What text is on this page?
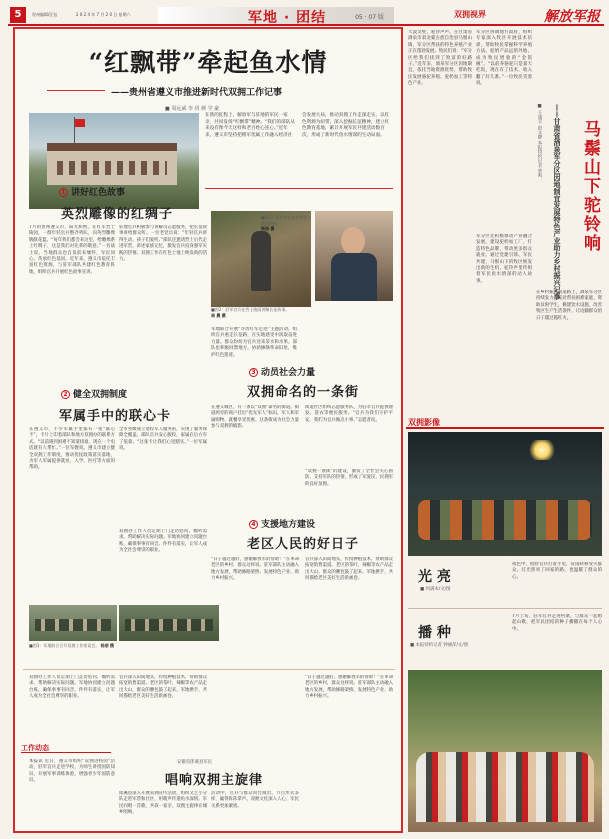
5	贵州编辑/汪钰	2 0 2 4 年 7 月 2 0 日 星期六	军地 · 团结	05 · 07 版	双拥视界	解放军报
“红飘带”牵起鱼水情
——贵州省遵义市推进新时代双拥工作记事
■ 周远威 李 玥 颜 学 豪
在新的征程上，解放军与驻地的军民一家亲，共同发扬“红飘带”精神。“我们的部队从来没有像今天这样和老百姓心连心。”近年来，遵义市坚持把拥军优属工作融入经济社会发展大局，推动双拥工作走深走实。以红色资源为纽带，深入挖掘长征精神，建立红色教育基地，累计开展军民共建活动数百次，形成了新时代鱼水情深的生动局面。
1 讲好红色故事
英烈雕像的红绸子
7月的贵州遵义市，阳光和煦。在红军烈士陵园，一群年轻官兵整齐列队，向英烈雕像敬献花篮。“每年我们都会来这里，给雕像系上红绸子，这是我们对先辈的敬意。”一名战士说。当地群众也自发前来缅怀，军民同心，传承红色基因。近年来，遵义市依托丰富红色资源，与驻军部队共建红色教育阵地，组织官兵开展红色故事宣讲。
驻地官兵积极参与讲解员志愿服务，把长征故事讲给群众听。一位老党员说：“年轻官兵讲得生动，孩子们爱听。”部队还邀请烈士后代走进军营，讲述家族记忆，激发官兵投身强军实践的热情。双拥工作在红色土地上焕发新的活力。
■图1：驻军官兵在红军烈士陵园植树。
杨朋 摄
■图2：驻军官兵在烈士陵园讲解长征故事。
周 晨 摄
军地联合开展“寻访红军足迹”主题活动，组织官兵重走长征路，在实地感受中汲取奋进力量。群众纷纷为官兵送来茶水和水果。部队也积极回馈地方，协助修缮革命旧址，维护红色遗迹。
3 动员社会力量
双拥命名的一条街
在遵义城区，有一条以“双拥”命名的街道。街道两旁的商户挂出“优先军人”标识，军人和军属购物、就餐享受优惠。这条街成为社会力量参与双拥的缩影。
街道社区组织志愿服务队，为驻军官兵提供理发、洗衣等便民服务。“官兵为我们守护平安，我们为官兵做点小事。”志愿者说。
“双拥一条街”的建设，激发了全社会关心国防、支持军队的热情，形成了军爱民、民拥军的良好氛围。
2 健全双拥制度
军属手中的联心卡
在遵义市，不少军属手里都有一张“联心卡”。卡片上印着部队和地方双拥办的联系方式。“以前遇到困难不知道找谁，现在一个电话就有人帮忙。”一位军嫂说。遵义市建立健全双拥工作制度，推动优抚政策落实落地，为军人军属提供就业、入学、医疗等方面的帮助。
全市各级成立退役军人服务站，实现了服务保障全覆盖。部队官兵安心服役，家属在后方有了依靠。“这张卡让我们心里踏实。”一位军属说。
双拥办工作人员定期上门走访慰问，倾听需求，帮助解决实际问题。军地协同建立问题台账，确保事事有回音、件件有落实，让军人成为全社会尊崇的职业。
■图3：军地联合召开双拥工作座谈会。 杨朋 摄
4 支援地方建设
老区人民的好日子
“日子越过越好，感谢解放军的帮助！”在革命老区的乡村，群众这样说。驻军部队主动融入地方发展，帮助修路架桥、发展特色产业，助力乡村振兴。
官兵深入田间地头，传授种植技术，帮助群众拓宽销售渠道。老区的茶叶、辣椒等农产品走出大山，群众的腰包鼓了起来。军地携手，共同描绘老区美好生活新画卷。
双拥办工作人员定期上门走访慰问，倾听需求，帮助解决实际问题。军地协同建立问题台账，确保事事有回音、件件有落实，让军人成为全社会尊崇的职业。
工作动态
本报讯 近日，遵义市组织“双拥进校园”活动，驻军官兵走进学校，为师生讲授国防知识，开展军事训练体验，增强青少年国防意识。
官兵深入田间地头，传授种植技术，帮助群众拓宽销售渠道。老区的茶叶、辣椒等农产品走出大山，群众的腰包鼓了起来。军地携手，共同描绘老区美好生活新画卷。
安徽省郎溪县军民
唱响双拥主旋律
郎溪县深入开展双拥宣传活动，组织文艺小分队走进军营和社区，用歌声传递鱼水深情。军民同唱一首歌，共叙一家亲，双拥主旋律在城乡唱响。
活动中，官兵与群众同台演出，节目形式多样，赢得阵阵掌声。双拥文化深入人心，军民关系更加紧密。
“日子越过越好，感谢解放军的帮助！”在革命老区的乡村，群众这样说。驻军部队主动融入地方发展，帮助修路架桥、发展特色产业，助力乡村振兴。
马鬃山下驼铃响
——甘肃省酒泉军分区因地制宜发展特色产业助力乡村振兴记事
■ 王康平 赵文静 本报特约记者 曾鸣
大漠戈壁，驼铃声声。在甘肃省酒泉市肃北蒙古族自治县马鬃山镇，军分区帮扶的特色养殖产业正在蓬勃发展。牧民们说：“军分区给我们找到了致富的好路子。”近年来，酒泉军分区因地制宜，依托当地资源优势，帮助牧民发展骆驼养殖、驼奶加工等特色产业。
军分区协调地方政府，组织专家深入牧区开展技术培训，帮助牧民掌握科学养殖方法。驼奶产品远销外地，成为牧民增收的“金饭碗”。“以前养骆驼只是靠天吃饭，现在有了技术，收入翻了好几番。”一位牧民笑着说。
军分区还积极推动产业融合发展，建设驼奶加工厂，打造特色品牌，带动更多群众就业。通过党建引领、军民共建，马鬃山下的牧区焕发出新的生机，驼铃声里传唱着军民鱼水情深的动人故事。
在乡村振兴的道路上，酒泉军分区持续发力，结对帮扶困难家庭，资助贫困学生，修建饮水设施，改善牧区生产生活条件，让边疆群众的日子越过越红火。
双拥影像
光 亮
■ 何满本/文/图
夜色中，抢险官兵打着手电，冒雨转移受灾群众。灯光照亮了回家的路，也温暖了群众的心。
播 种
■ 本报特约记者 钟丽萍/文/图
7月上旬，驻军官兵走进村寨，与群众一起唱起山歌，把军民团结的种子播撒在每个人心中。
